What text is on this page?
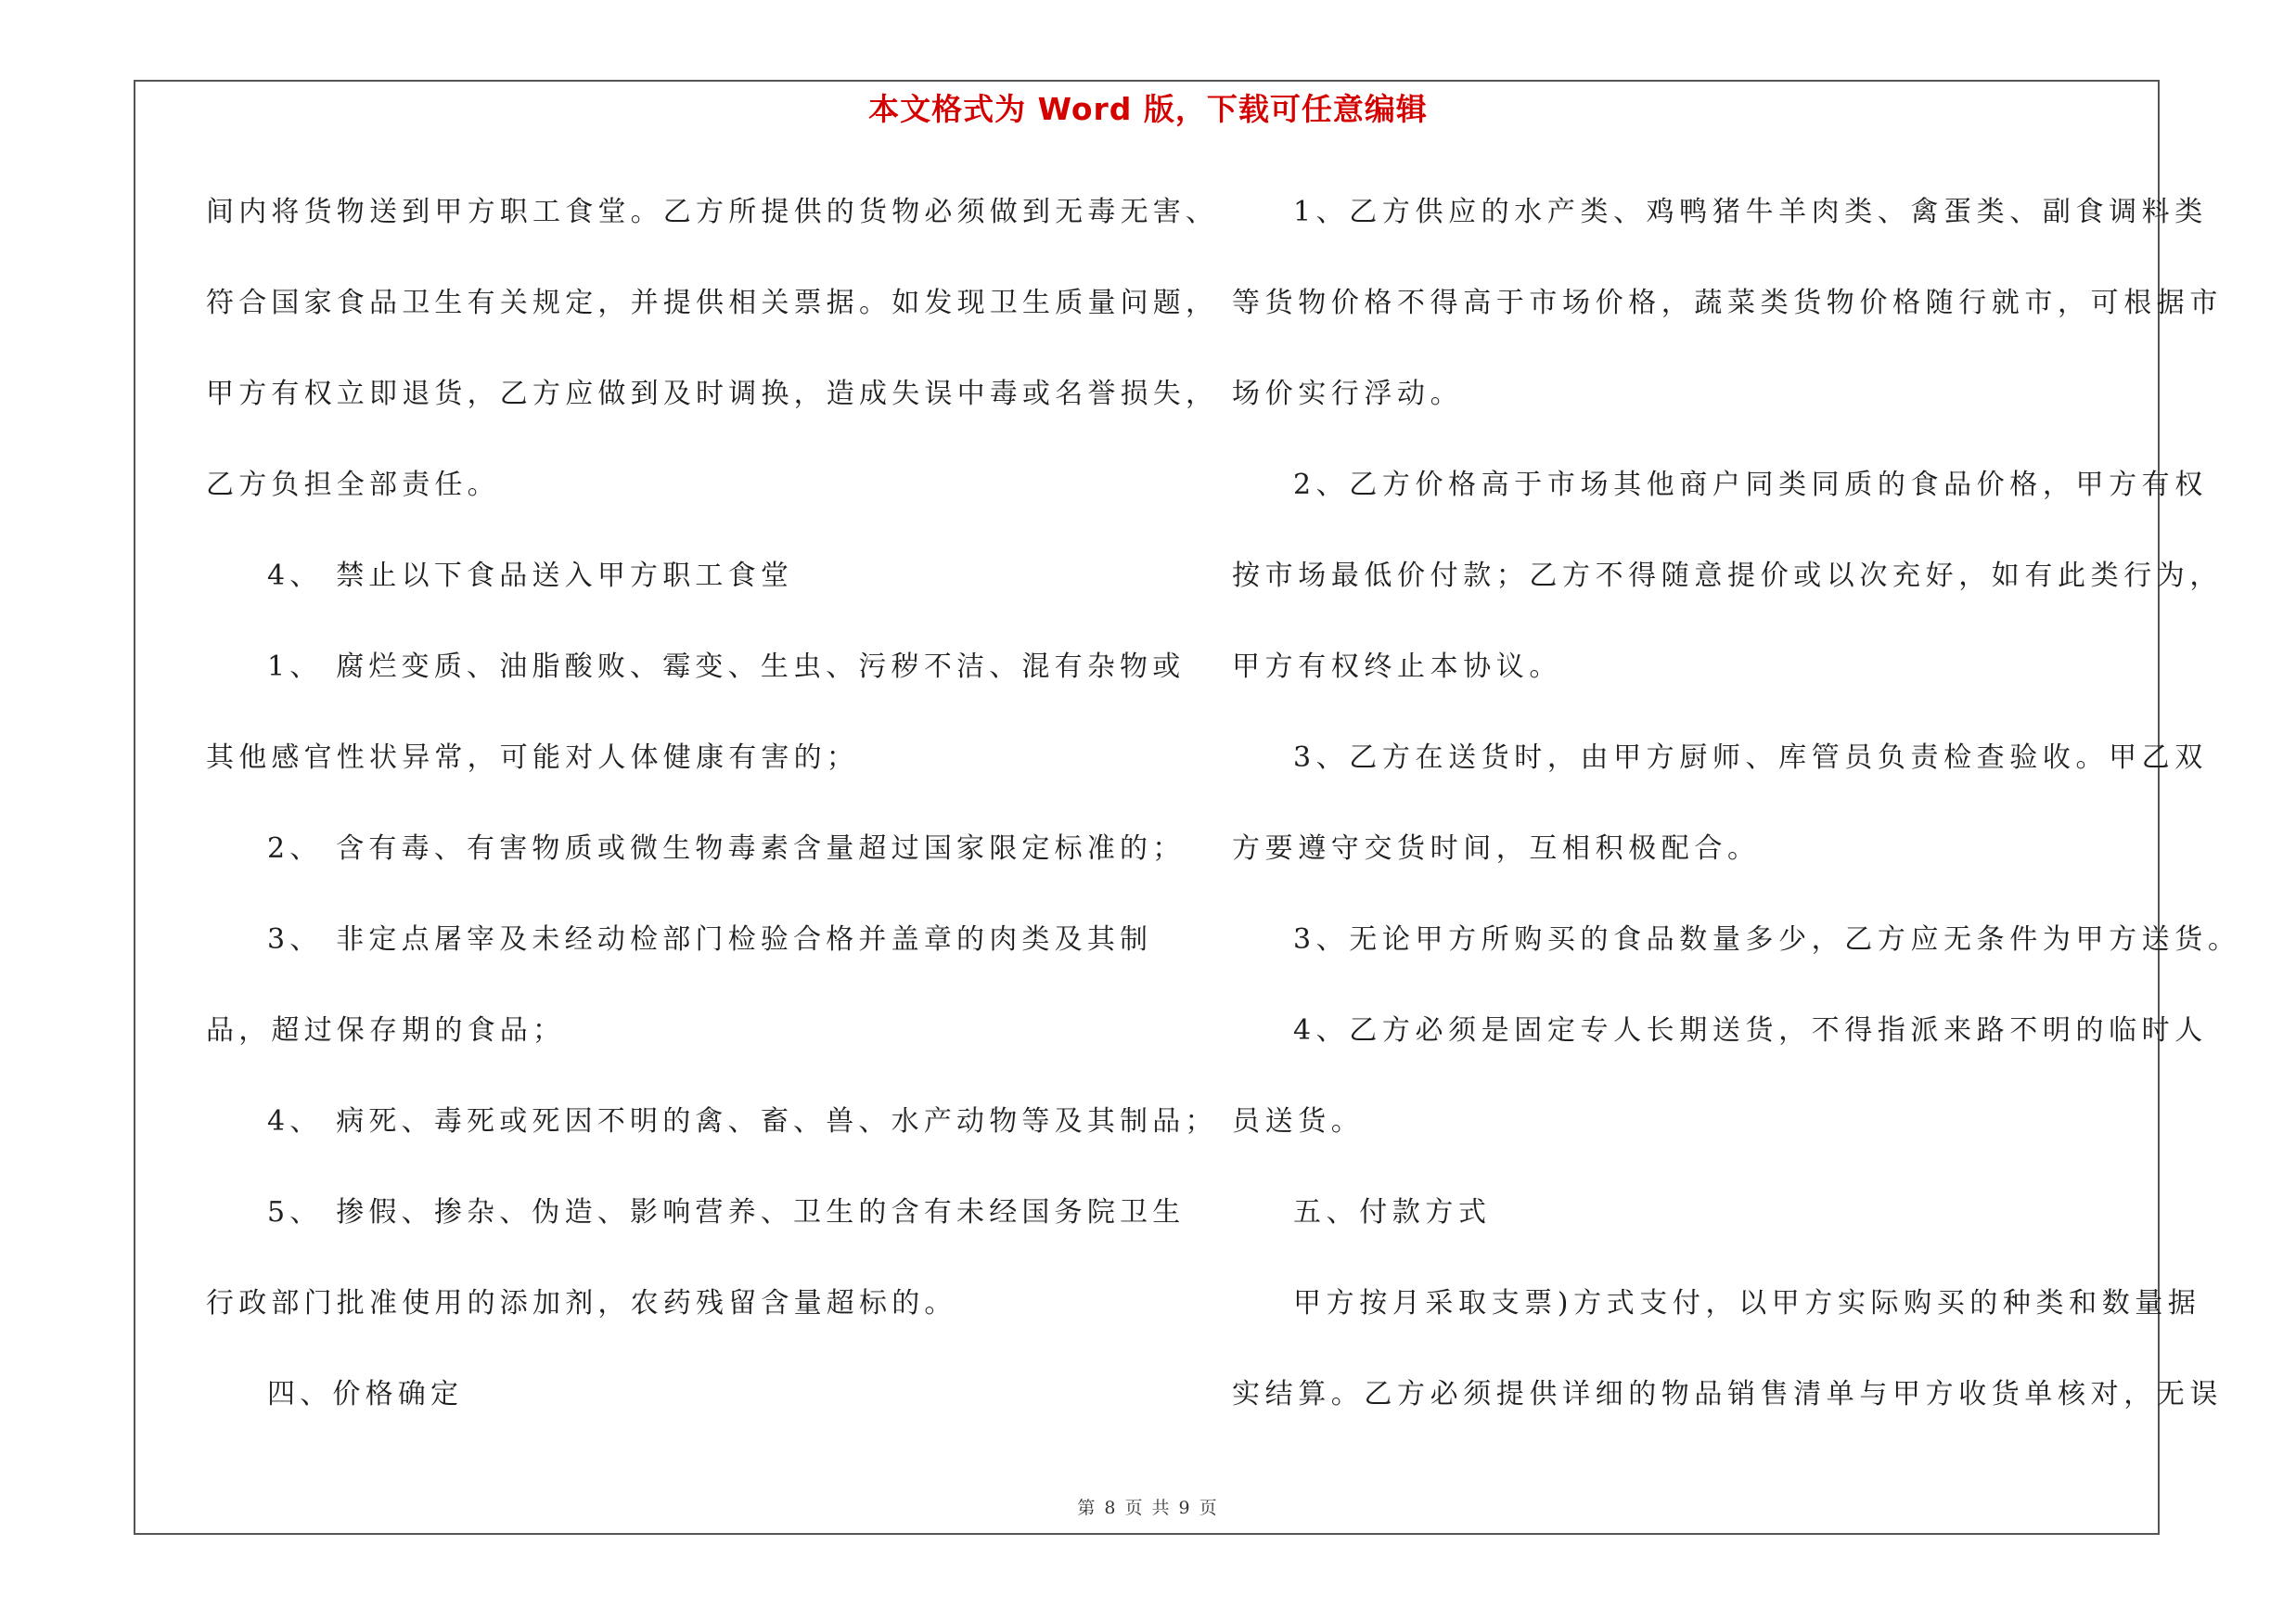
本文格式为 Word 版，下载可任意编辑
间内将货物送到甲方职工食堂。乙方所提供的货物必须做到无毒无害、
符合国家食品卫生有关规定，并提供相关票据。如发现卫生质量问题，
甲方有权立即退货，乙方应做到及时调换，造成失误中毒或名誉损失，
乙方负担全部责任。
4、 禁止以下食品送入甲方职工食堂
1、 腐烂变质、油脂酸败、霉变、生虫、污秽不洁、混有杂物或
其他感官性状异常，可能对人体健康有害的；
2、 含有毒、有害物质或微生物毒素含量超过国家限定标准的；
3、 非定点屠宰及未经动检部门检验合格并盖章的肉类及其制
品，超过保存期的食品；
4、 病死、毒死或死因不明的禽、畜、兽、水产动物等及其制品；
5、 掺假、掺杂、伪造、影响营养、卫生的含有未经国务院卫生
行政部门批准使用的添加剂，农药残留含量超标的。
四、价格确定
1、乙方供应的水产类、鸡鸭猪牛羊肉类、禽蛋类、副食调料类
等货物价格不得高于市场价格，蔬菜类货物价格随行就市，可根据市
场价实行浮动。
2、乙方价格高于市场其他商户同类同质的食品价格，甲方有权
按市场最低价付款；乙方不得随意提价或以次充好，如有此类行为，
甲方有权终止本协议。
3、乙方在送货时，由甲方厨师、库管员负责检查验收。甲乙双
方要遵守交货时间，互相积极配合。
3、无论甲方所购买的食品数量多少，乙方应无条件为甲方送货。
4、乙方必须是固定专人长期送货，不得指派来路不明的临时人
员送货。
五、付款方式
甲方按月采取支票)方式支付，以甲方实际购买的种类和数量据
实结算。乙方必须提供详细的物品销售清单与甲方收货单核对，无误
第 8 页 共 9 页
